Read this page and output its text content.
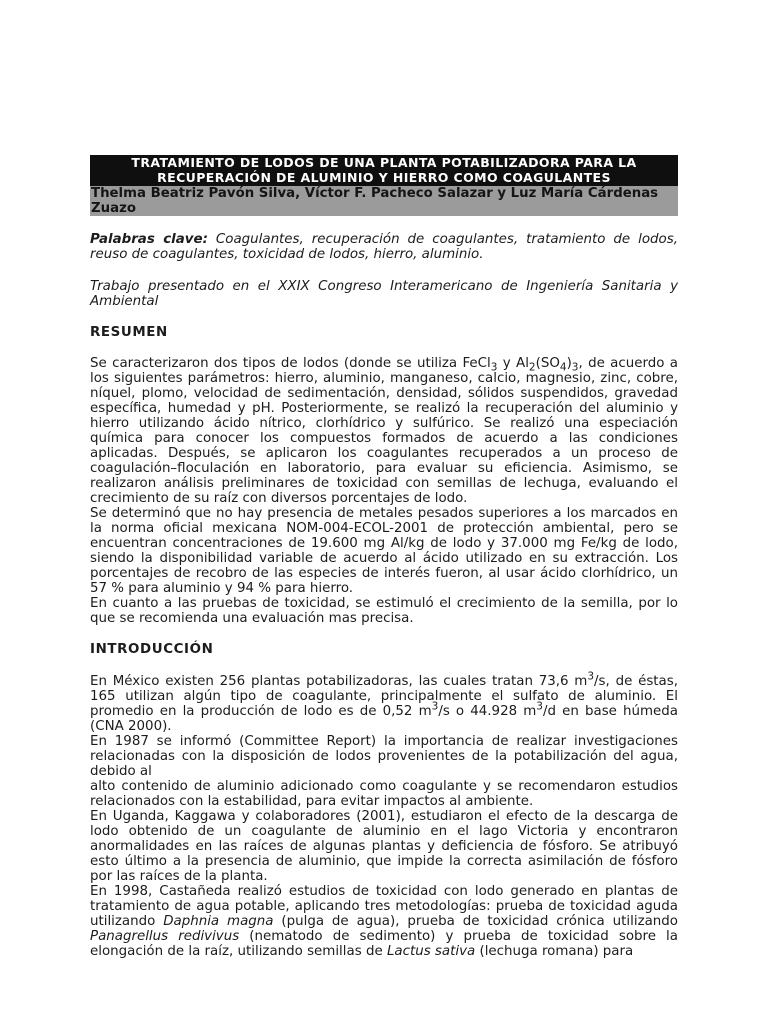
TRATAMIENTO DE LODOS DE UNA PLANTA POTABILIZADORA PARA LA
RECUPERACIÓN DE ALUMINIO Y HIERRO COMO COAGULANTES
Thelma Beatriz Pavón Silva, Víctor F. Pacheco Salazar y Luz María Cárdenas Zuazo

Palabras clave: Coagulantes, recuperación de coagulantes, tratamiento de lodos, reuso de coagulantes, toxicidad de lodos, hierro, aluminio.

Trabajo presentado en el XXIX Congreso Interamericano de Ingeniería Sanitaria y Ambiental

RESUMEN

Se caracterizaron dos tipos de lodos (donde se utiliza FeCl$_3$ y $Al_2(SO_4)_3$, de acuerdo a los siguientes parámetros: hierro, aluminio, manganeso, calcio, magnesio, zinc, cobre, níquel, plomo, velocidad de sedimentación, densidad, sólidos suspendidos, gravedad específica, humedad y pH. Posteriormente, se realizó la recuperación del aluminio y hierro utilizando ácido nítrico, clorhídrico y sulfúrico. Se realizó una especiación química para conocer los compuestos formados de acuerdo a las condiciones aplicadas. Después, se aplicaron los coagulantes recuperados a un proceso de coagulación–floculación en laboratorio, para evaluar su eficiencia. Asimismo, se realizaron análisis preliminares de toxicidad con semillas de lechuga, evaluando el crecimiento de su raíz con diversos porcentajes de lodo.

Se determinó que no hay presencia de metales pesados superiores a los marcados en la norma oficial mexicana NOM-004-ECOL-2001 de protección ambiental, pero se encuentran concentraciones de 19.600 mg Al/kg de lodo y 37.000 mg Fe/kg de lodo, siendo la disponibilidad variable de acuerdo al ácido utilizado en su extracción. Los porcentajes de recobro de las especies de interés fueron, al usar ácido clorhídrico, un 57 % para aluminio y 94 % para hierro.

En cuanto a las pruebas de toxicidad, se estimuló el crecimiento de la semilla, por lo que se recomienda una evaluación mas precisa.

INTRODUCCIÓN

En México existen 256 plantas potabilizadoras, las cuales tratan 73,6 $m^3/s$, de éstas, 165 utilizan algún tipo de coagulante, principalmente el sulfato de aluminio. El promedio en la producción de lodo es de 0,52 $m^3/s$ o 44.928 $m^3/d$ en base húmeda (CNA 2000).

En 1987 se informó (Committee Report) la importancia de realizar investigaciones relacionadas con la disposición de lodos provenientes de la potabilización del agua, debido al

alto contenido de aluminio adicionado como coagulante y se recomendaron estudios relacionados con la estabilidad, para evitar impactos al ambiente.

En Uganda, Kaggawa y colaboradores (2001), estudiaron el efecto de la descarga de lodo obtenido de un coagulante de aluminio en el lago Victoria y encontraron anormalidades en las raíces de algunas plantas y deficiencia de fósforo. Se atribuyó esto último a la presencia de aluminio, que impide la correcta asimilación de fósforo por las raíces de la planta.

En 1998, Castañeda realizó estudios de toxicidad con lodo generado en plantas de tratamiento de agua potable, aplicando tres metodologías: prueba de toxicidad aguda utilizando Daphnia magna (pulga de agua), prueba de toxicidad crónica utilizando Panagrellus redivivus (nematodo de sedimento) y prueba de toxicidad sobre la elongación de la raíz, utilizando semillas de Lactus sativa (lechuga romana) para
